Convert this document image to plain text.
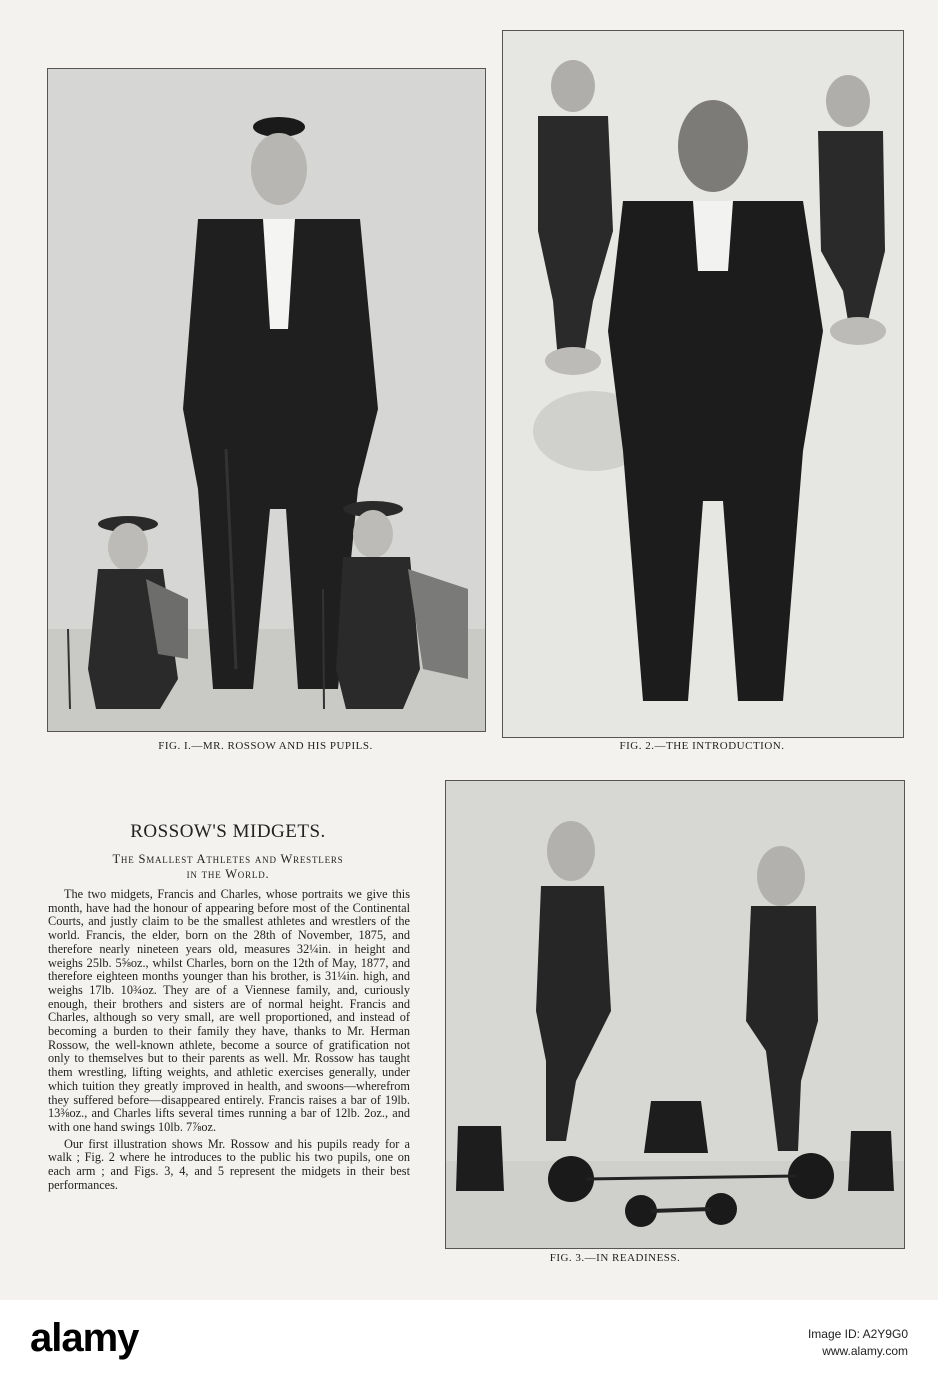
FIG. I.—MR. ROSSOW AND HIS PUPILS.	FIG. 2.—THE INTRODUCTION.
ROSSOW'S MIDGETS.
The Smallest Athletes and Wrestlers
in the World.

The two midgets, Francis and Charles, whose portraits we give this month, have had the honour of appearing before most of the Continental Courts, and justly claim to be the smallest athletes and wrestlers of the world. Francis, the elder, born on the 28th of November, 1875, and therefore nearly nineteen years old, measures 32¼in. in height and weighs 25lb. 5⅝oz., whilst Charles, born on the 12th of May, 1877, and therefore eighteen months younger than his brother, is 31¼in. high, and weighs 17lb. 10¾oz. They are of a Viennese family, and, curiously enough, their brothers and sisters are of normal height. Francis and Charles, although so very small, are well proportioned, and instead of becoming a burden to their family they have, thanks to Mr. Herman Rossow, the well-known athlete, become a source of gratification not only to themselves but to their parents as well. Mr. Rossow has taught them wrestling, lifting weights, and athletic exercises generally, under which tuition they greatly improved in health, and swoons—wherefrom they suffered before—disappeared entirely. Francis raises a bar of 19lb. 13⅜oz., and Charles lifts several times running a bar of 12lb. 2oz., and with one hand swings 10lb. 7⅞oz.

Our first illustration shows Mr. Rossow and his pupils ready for a walk ; Fig. 2 where he introduces to the public his two pupils, one on each arm ; and Figs. 3, 4, and 5 represent the midgets in their best performances.

FIG. 3.—IN READINESS.
alamy	Image ID: A2Y9G0
www.alamy.com
